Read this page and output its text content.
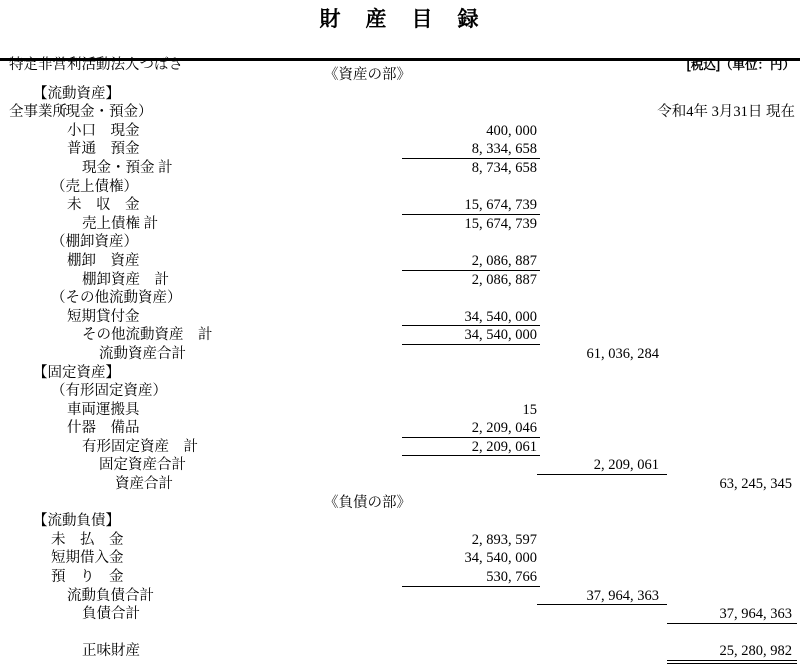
財　産　目　録

特定非営利活動法人つばさ

全事業所

[税込]（単位：円）

令和4年 3月31日 現在

《資産の部》
【流動資産】
（現金・預金）
小口　現金	400, 000
普通　預金	8, 334, 658
現金・預金 計	8, 734, 658
（売上債権）
未　収　金	15, 674, 739
売上債権 計	15, 674, 739
（棚卸資産）
棚卸　資産	2, 086, 887
棚卸資産　計	2, 086, 887
（その他流動資産）
短期貸付金	34, 540, 000
その他流動資産　計	34, 540, 000
流動資産合計	61, 036, 284
【固定資産】
（有形固定資産）
車両運搬具	15
什器　備品	2, 209, 046
有形固定資産　計	2, 209, 061
固定資産合計	2, 209, 061
資産合計	63, 245, 345
《負債の部》
【流動負債】
未　払　金	2, 893, 597
短期借入金	34, 540, 000
預　り　金	530, 766
流動負債合計	37, 964, 363
負債合計	37, 964, 363
正味財産	25, 280, 982
